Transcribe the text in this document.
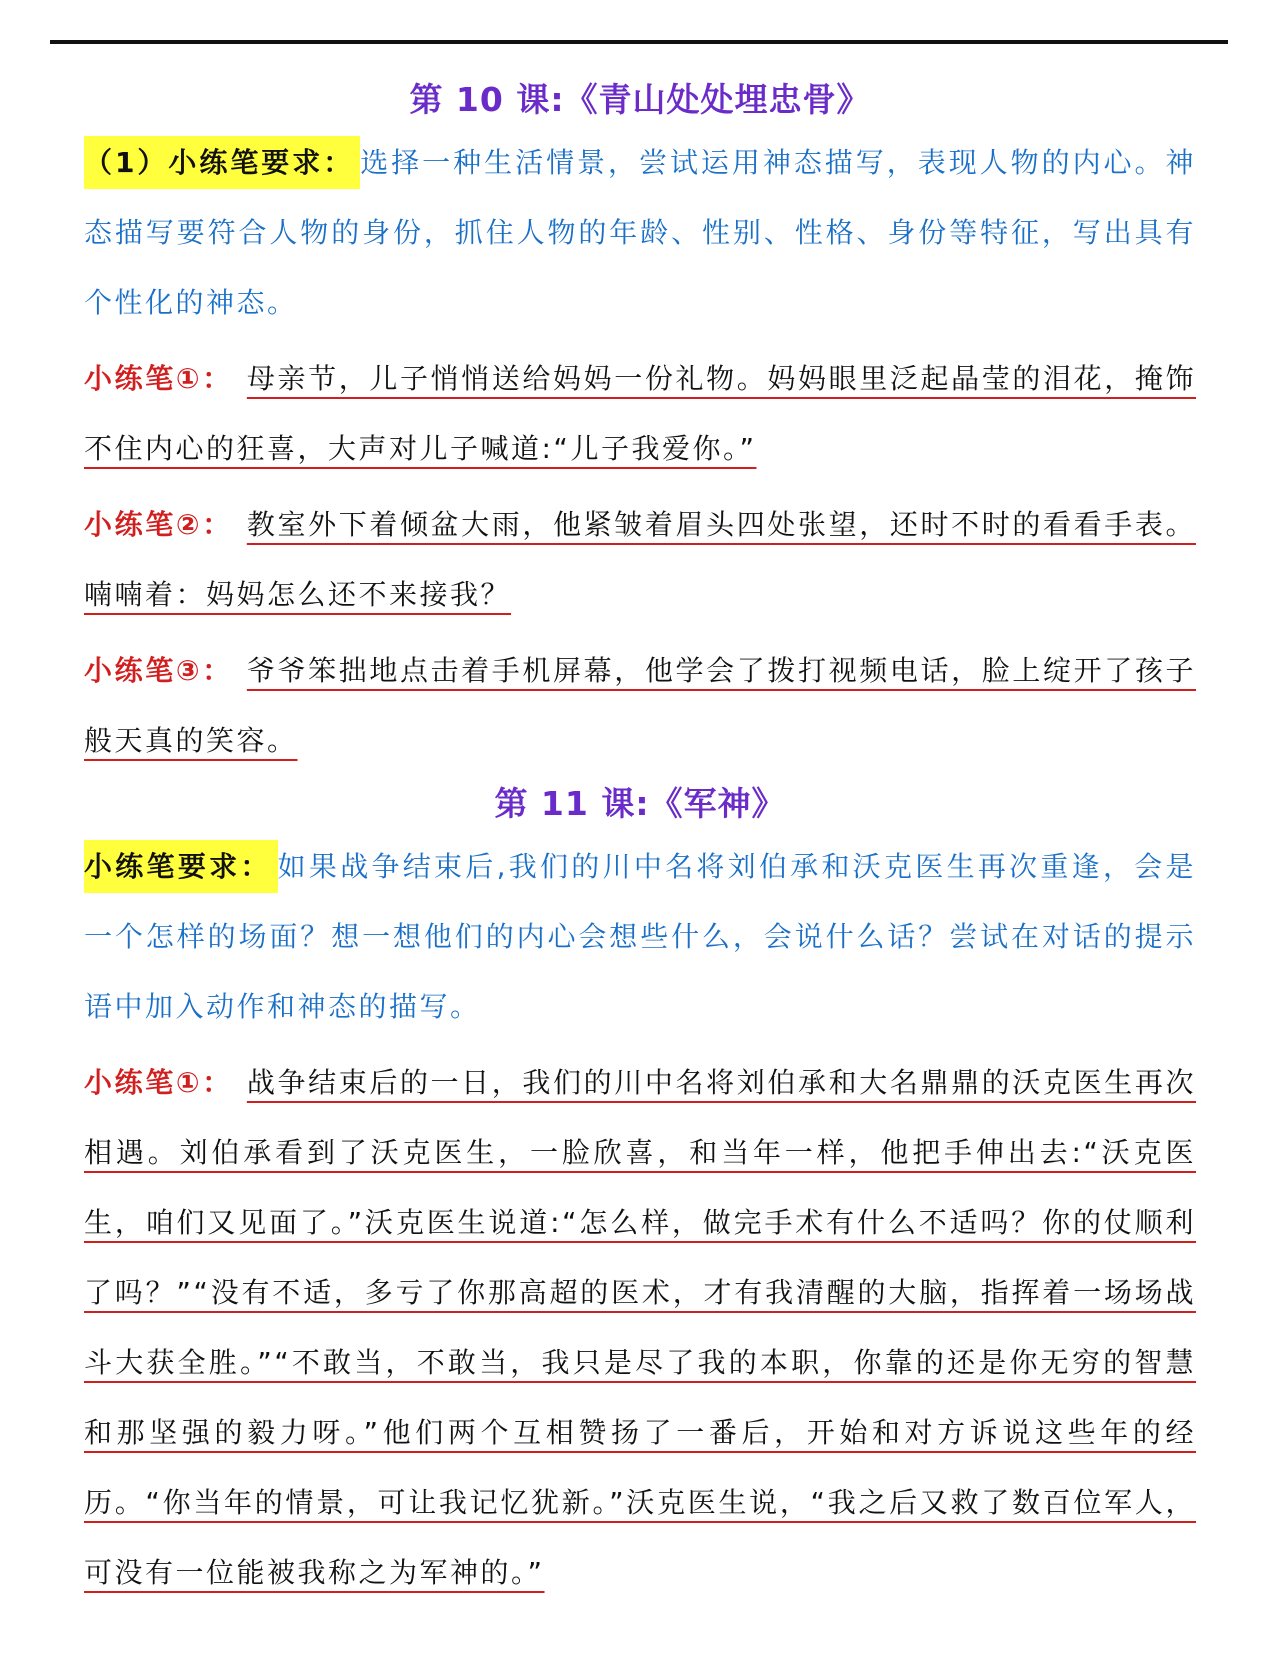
第 10 课:《青山处处埋忠骨》
（1）小练笔要求： 选择一种生活情景，尝试运用神态描写，表现人物的内心。神态描写要符合人物的身份，抓住人物的年龄、性别、性格、身份等特征，写出具有个性化的神态。
小练笔①： 母亲节，儿子悄悄送给妈妈一份礼物。妈妈眼里泛起晶莹的泪花，掩饰不住内心的狂喜，大声对儿子喊道:“儿子我爱你。”
小练笔②： 教室外下着倾盆大雨，他紧皱着眉头四处张望，还时不时的看看手表。喃喃着：妈妈怎么还不来接我？
小练笔③： 爷爷笨拙地点击着手机屏幕，他学会了拨打视频电话，脸上绽开了孩子般天真的笑容。
第 11 课:《军神》
小练笔要求： 如果战争结束后,我们的川中名将刘伯承和沃克医生再次重逢，会是一个怎样的场面？想一想他们的内心会想些什么，会说什么话？尝试在对话的提示语中加入动作和神态的描写。
小练笔①： 战争结束后的一日，我们的川中名将刘伯承和大名鼎鼎的沃克医生再次相遇。刘伯承看到了沃克医生，一脸欣喜，和当年一样，他把手伸出去:“沃克医生，咱们又见面了。”沃克医生说道:“怎么样，做完手术有什么不适吗？你的仗顺利了吗？”“没有不适，多亏了你那高超的医术，才有我清醒的大脑，指挥着一场场战斗大获全胜。”“不敢当，不敢当，我只是尽了我的本职，你靠的还是你无穷的智慧和那坚强的毅力呀。”他们两个互相赞扬了一番后，开始和对方诉说这些年的经历。“你当年的情景，可让我记忆犹新。”沃克医生说，“我之后又救了数百位军人，可没有一位能被我称之为军神的。”
